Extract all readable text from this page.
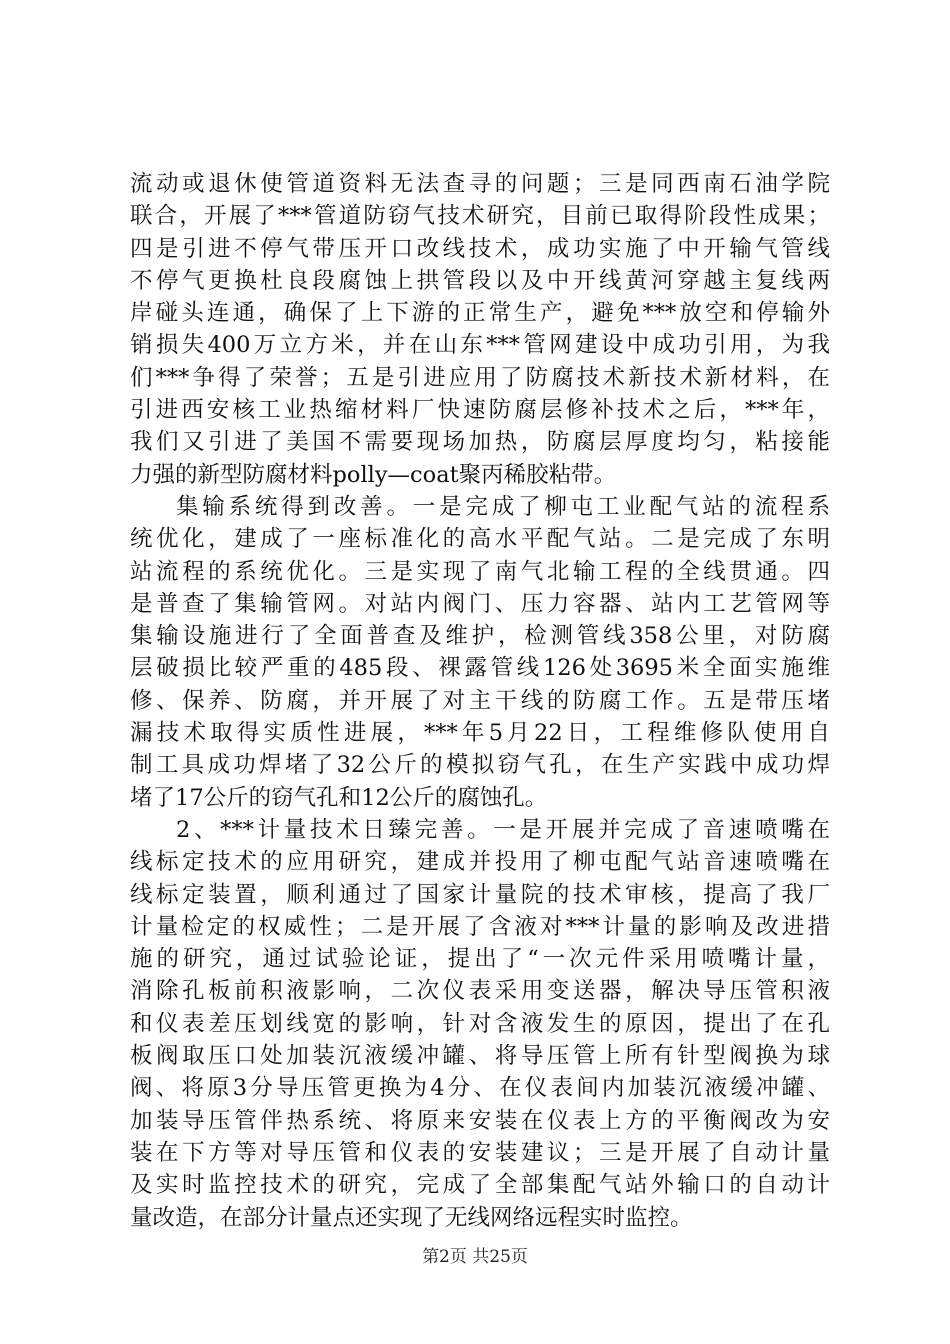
流动或退休使管道资料无法查寻的问题；三是同西南石油学院
联合，开展了***管道防窃气技术研究，目前已取得阶段性成果；
四是引进不停气带压开口改线技术，成功实施了中开输气管线
不停气更换杜良段腐蚀上拱管段以及中开线黄河穿越主复线两
岸碰头连通，确保了上下游的正常生产，避免***放空和停输外
销损失400万立方米，并在山东***管网建设中成功引用，为我
们***争得了荣誉；五是引进应用了防腐技术新技术新材料，在
引进西安核工业热缩材料厂快速防腐层修补技术之后，***年，
我们又引进了美国不需要现场加热，防腐层厚度均匀，粘接能
力强的新型防腐材料polly—coat聚丙稀胶粘带。
集输系统得到改善。一是完成了柳屯工业配气站的流程系
统优化，建成了一座标准化的高水平配气站。二是完成了东明
站流程的系统优化。三是实现了南气北输工程的全线贯通。四
是普查了集输管网。对站内阀门、压力容器、站内工艺管网等
集输设施进行了全面普查及维护，检测管线358公里，对防腐
层破损比较严重的485段、裸露管线126处3695米全面实施维
修、保养、防腐，并开展了对主干线的防腐工作。五是带压堵
漏技术取得实质性进展，***年5月22日，工程维修队使用自
制工具成功焊堵了32公斤的模拟窃气孔，在生产实践中成功焊
堵了17公斤的窃气孔和12公斤的腐蚀孔。
2、***计量技术日臻完善。一是开展并完成了音速喷嘴在
线标定技术的应用研究，建成并投用了柳屯配气站音速喷嘴在
线标定装置，顺利通过了国家计量院的技术审核，提高了我厂
计量检定的权威性；二是开展了含液对***计量的影响及改进措
施的研究，通过试验论证，提出了“一次元件采用喷嘴计量，
消除孔板前积液影响，二次仪表采用变送器，解决导压管积液
和仪表差压划线宽的影响，针对含液发生的原因，提出了在孔
板阀取压口处加装沉液缓冲罐、将导压管上所有针型阀换为球
阀、将原3分导压管更换为4分、在仪表间内加装沉液缓冲罐、
加装导压管伴热系统、将原来安装在仪表上方的平衡阀改为安
装在下方等对导压管和仪表的安装建议；三是开展了自动计量
及实时监控技术的研究，完成了全部集配气站外输口的自动计
量改造，在部分计量点还实现了无线网络远程实时监控。
第2页 共25页
